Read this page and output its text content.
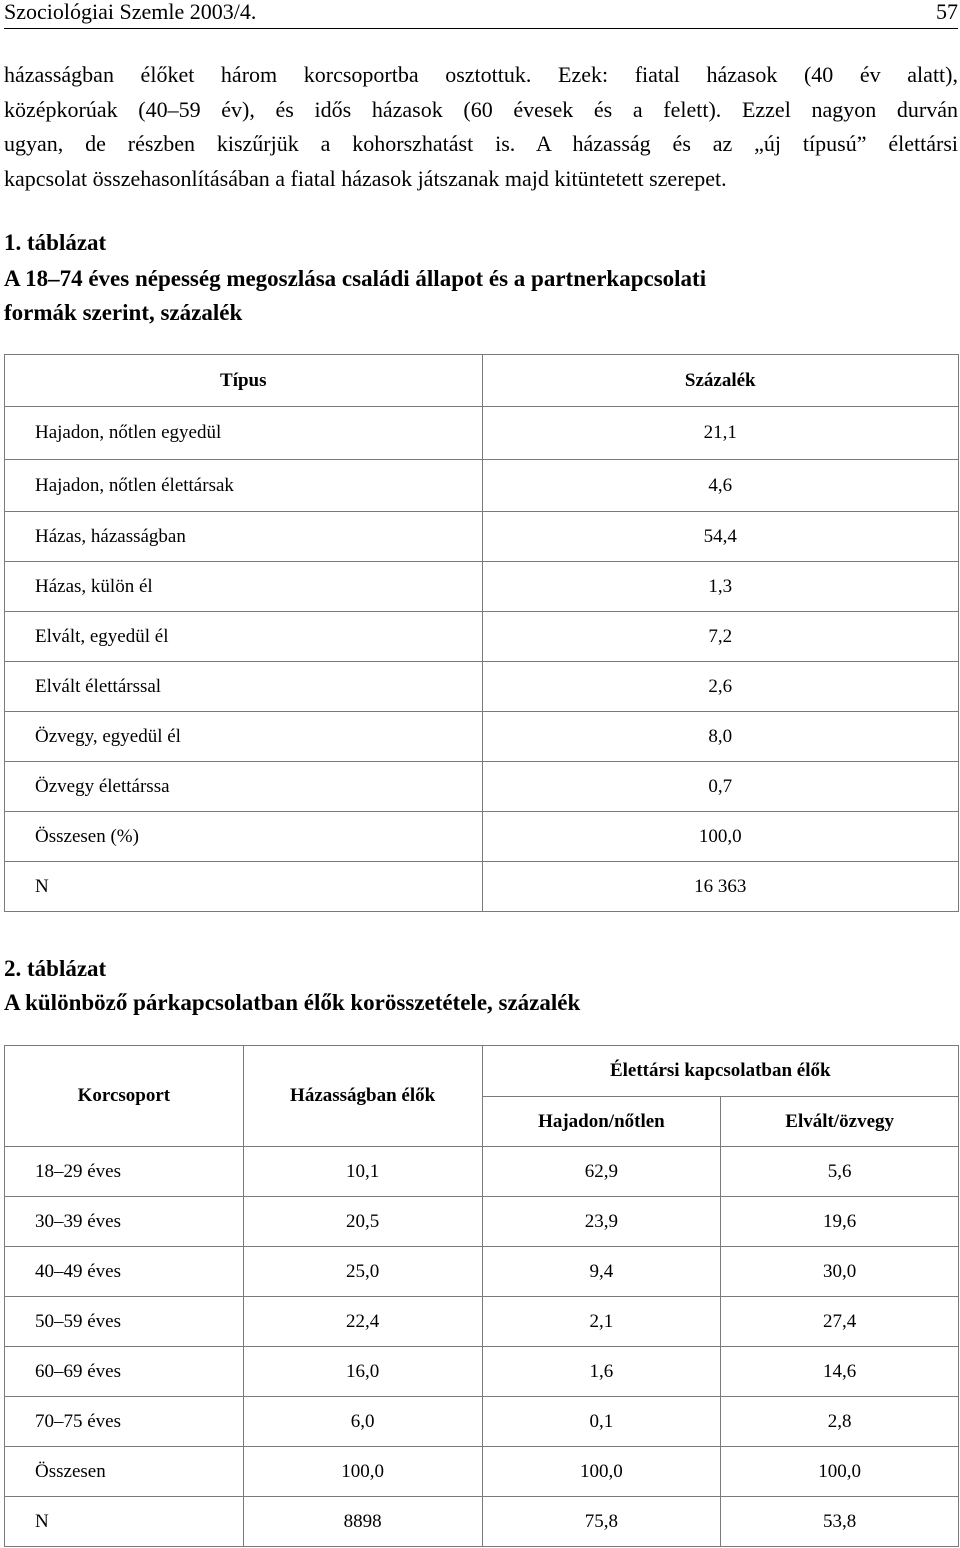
Szociológiai Szemle 2003/4.	57

házasságban élőket három korcsoportba osztottuk. Ezek: fiatal házasok (40 év alatt),
középkorúak (40–59 év), és idős házasok (60 évesek és a felett). Ezzel nagyon durván
ugyan, de részben kiszűrjük a kohorszhatást is. A házasság és az „új típusú” élettársi
kapcsolat összehasonlításában a fiatal házasok játszanak majd kitüntetett szerepet.

1. táblázat
A 18–74 éves népesség megoszlása családi állapot és a partnerkapcsolati
formák szerint, százalék
Típus	Százalék
Hajadon, nőtlen egyedül	21,1
Hajadon, nőtlen élettársak	4,6
Házas, házasságban	54,4
Házas, külön él	1,3
Elvált, egyedül él	7,2
Elvált élettárssal	2,6
Özvegy, egyedül él	8,0
Özvegy élettárssa	0,7
Összesen (%)	100,0
N	16 363
2. táblázat
A különböző párkapcsolatban élők korösszetétele, százalék
Korcsoport	Házasságban élők	Élettársi kapcsolatban élők	
		Hajadon/nőtlen	Elvált/özvegy
18–29 éves	10,1	62,9	5,6
30–39 éves	20,5	23,9	19,6
40–49 éves	25,0	9,4	30,0
50–59 éves	22,4	2,1	27,4
60–69 éves	16,0	1,6	14,6
70–75 éves	6,0	0,1	2,8
Összesen	100,0	100,0	100,0
N	8898	75,8	53,8
